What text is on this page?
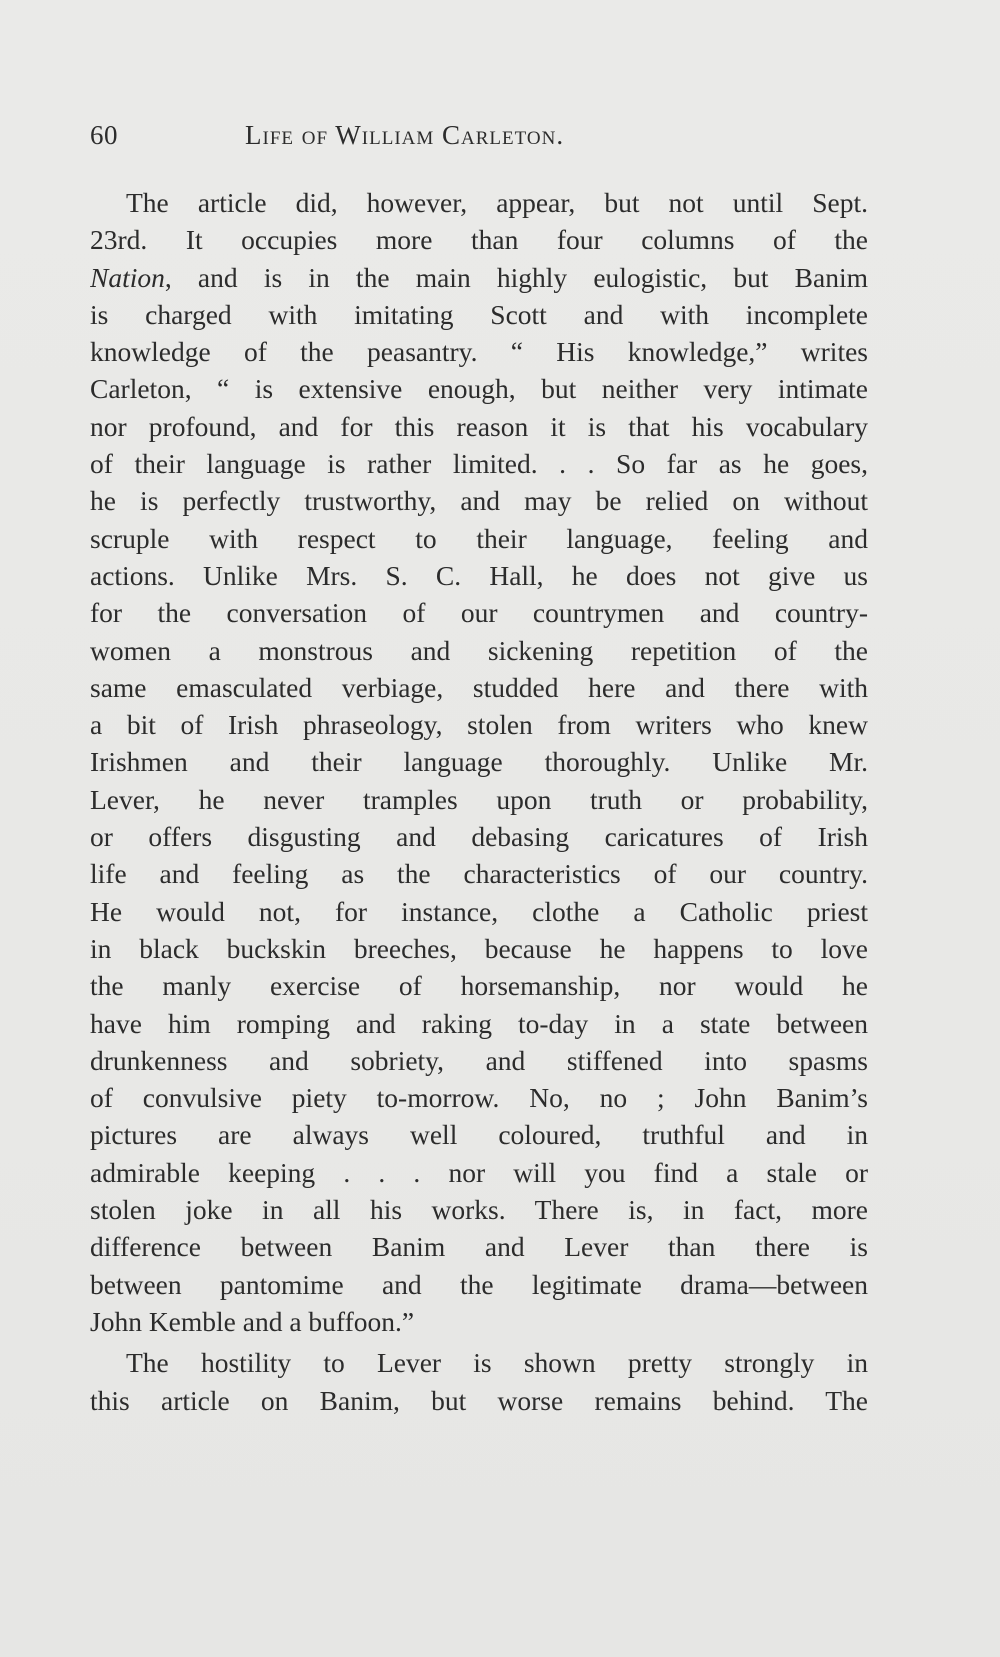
60	Life of William Carleton.
The article did, however, appear, but not until Sept.
23rd. It occupies more than four columns of the
Nation, and is in the main highly eulogistic, but Banim
is charged with imitating Scott and with incomplete
knowledge of the peasantry. “ His knowledge,” writes
Carleton, “ is extensive enough, but neither very intimate
nor profound, and for this reason it is that his vocabulary
of their language is rather limited. . . So far as he goes,
he is perfectly trustworthy, and may be relied on without
scruple with respect to their language, feeling and
actions. Unlike Mrs. S. C. Hall, he does not give us
for the conversation of our countrymen and country-
women a monstrous and sickening repetition of the
same emasculated verbiage, studded here and there with
a bit of Irish phraseology, stolen from writers who knew
Irishmen and their language thoroughly. Unlike Mr.
Lever, he never tramples upon truth or probability,
or offers disgusting and debasing caricatures of Irish
life and feeling as the characteristics of our country.
He would not, for instance, clothe a Catholic priest
in black buckskin breeches, because he happens to love
the manly exercise of horsemanship, nor would he
have him romping and raking to-day in a state between
drunkenness and sobriety, and stiffened into spasms
of convulsive piety to-morrow. No, no ; John Banim’s
pictures are always well coloured, truthful and in
admirable keeping . . . nor will you find a stale or
stolen joke in all his works. There is, in fact, more
difference between Banim and Lever than there is
between pantomime and the legitimate drama—between
John Kemble and a buffoon.”
The hostility to Lever is shown pretty strongly in
this article on Banim, but worse remains behind. The
